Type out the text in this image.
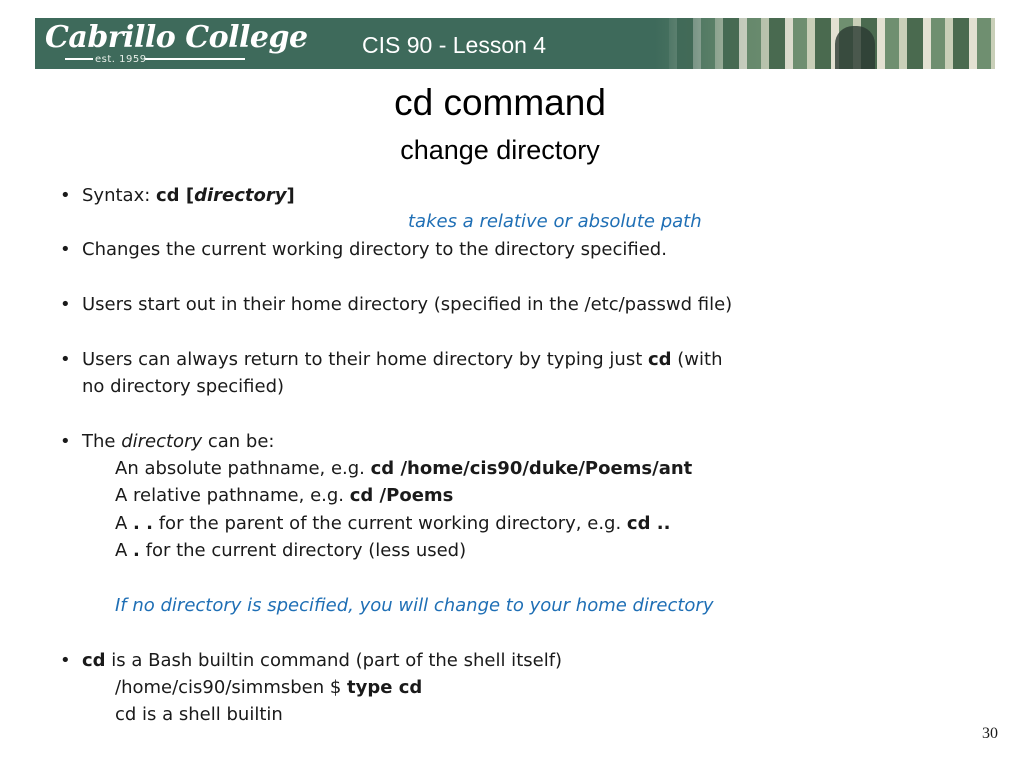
Cabrillo College
est. 1959
CIS 90 - Lesson 4
cd command
change directory
• Syntax: cd [directory]
takes a relative or absolute path
• Changes the current working directory to the directory specified.
• Users start out in their home directory (specified in the /etc/passwd file)
• Users can always return to their home directory by typing just cd (with
no directory specified)
• The directory can be:
An absolute pathname, e.g. cd /home/cis90/duke/Poems/ant
A relative pathname, e.g. cd /Poems
A . . for the parent of the current working directory, e.g. cd ..
A . for the current directory (less used)
If no directory is specified, you will change to your home directory
• cd is a Bash builtin command (part of the shell itself)
/home/cis90/simmsben $ type cd
cd is a shell builtin
30
